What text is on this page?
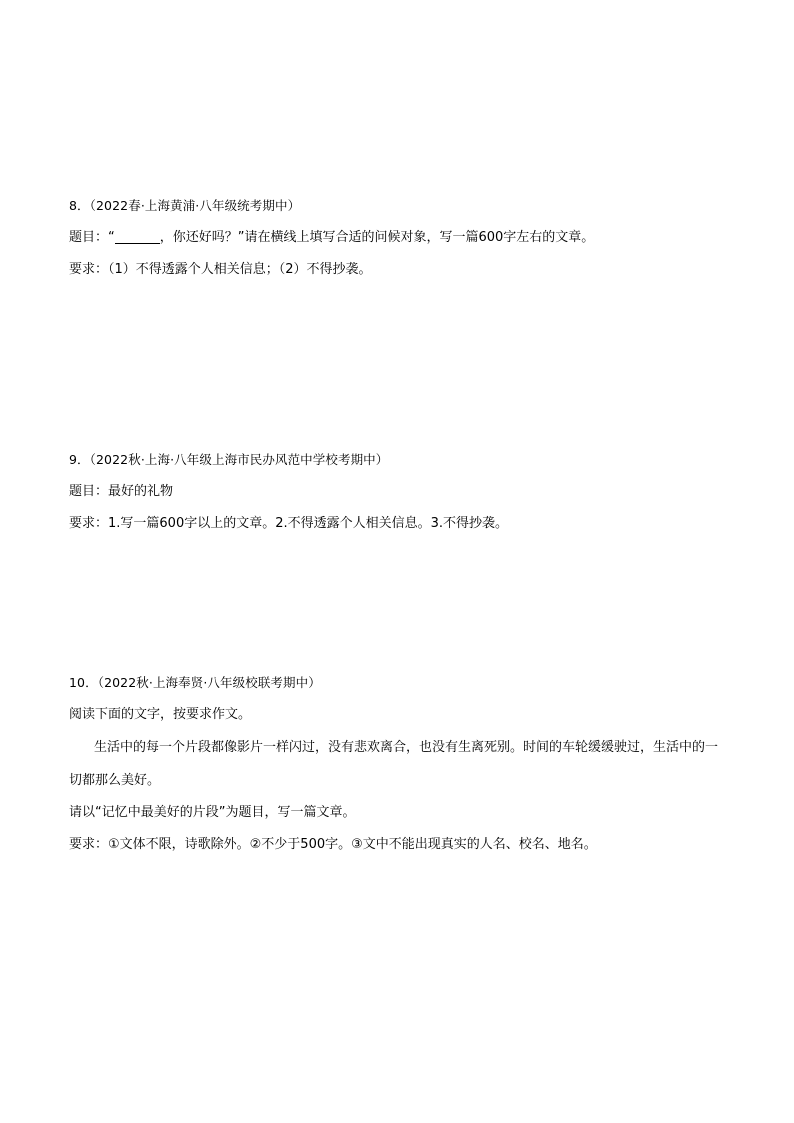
8．（2022春·上海黄浦·八年级统考期中）
题目：“	，你还好吗？”请在横线上填写合适的问候对象，写一篇600字左右的文章。
要求：（1）不得透露个人相关信息；（2）不得抄袭。
9．（2022秋·上海·八年级上海市民办风范中学校考期中）
题目：最好的礼物
要求：1.写一篇600字以上的文章。2.不得透露个人相关信息。3.不得抄袭。
10．（2022秋·上海奉贤·八年级校联考期中）
阅读下面的文字，按要求作文。
生活中的每一个片段都像影片一样闪过，没有悲欢离合，也没有生离死别。时间的车轮缓缓驶过，生活中的一切都那么美好。
请以“记忆中最美好的片段”为题目，写一篇文章。
要求：①文体不限，诗歌除外。②不少于500字。③文中不能出现真实的人名、校名、地名。
